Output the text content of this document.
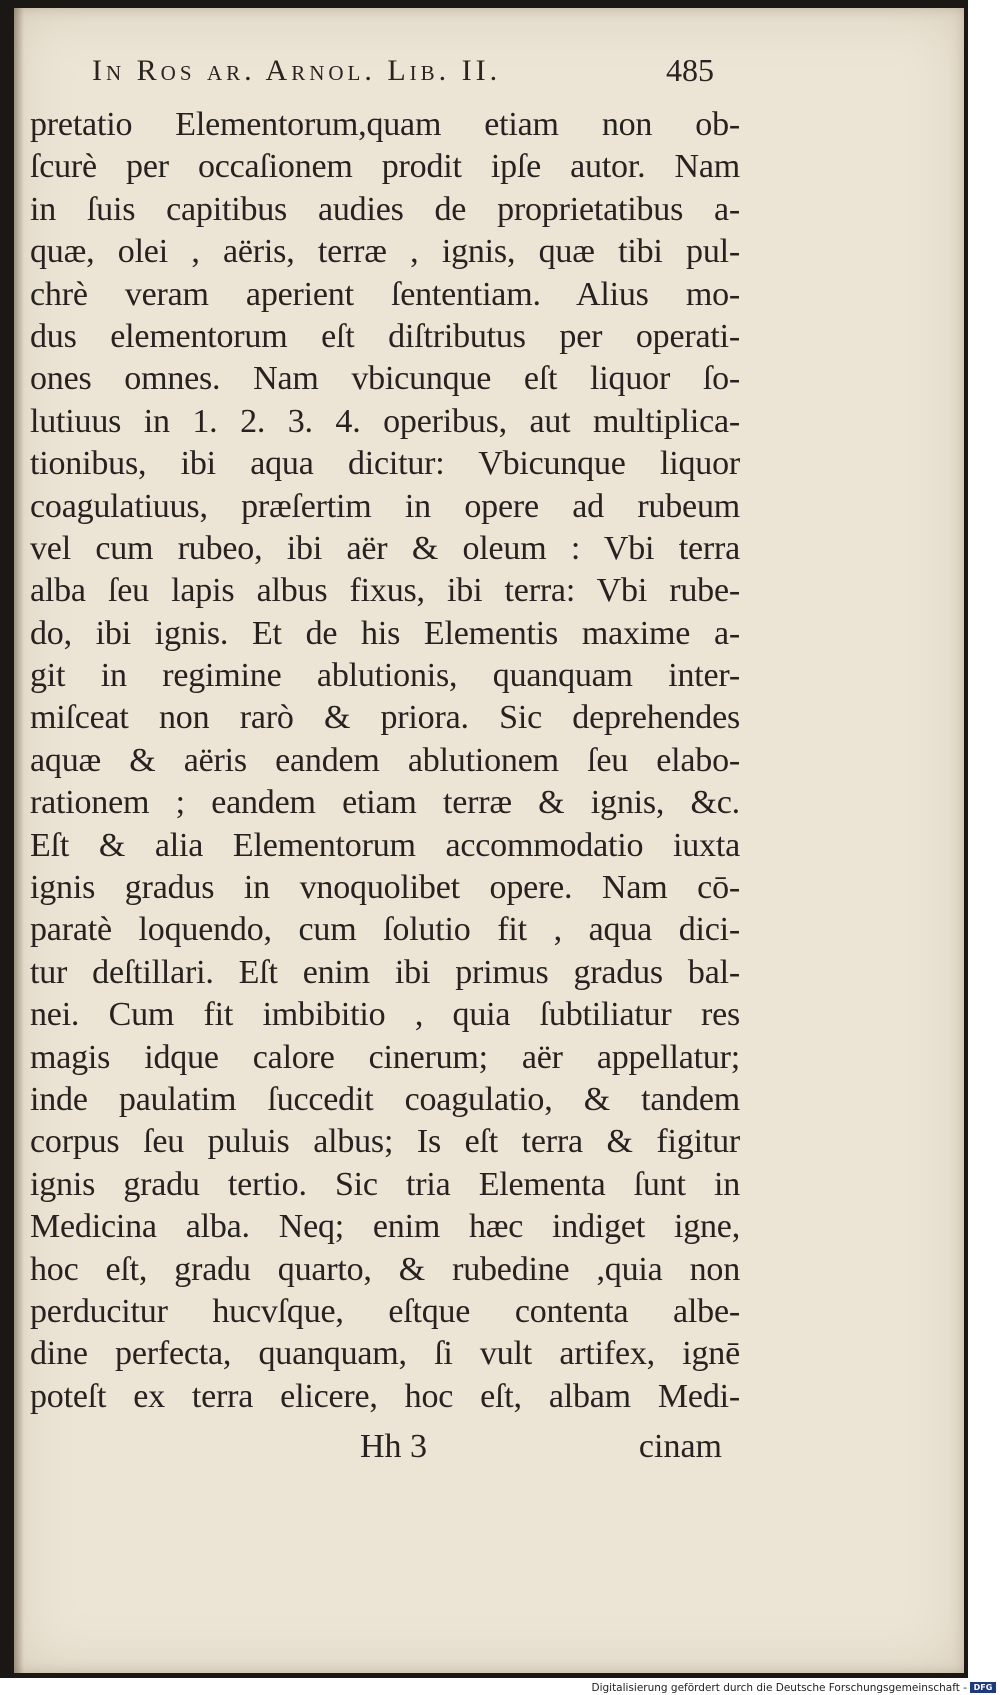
In Ros ar. Arnol. Lib. II.	485
pretatio Elementorum,quam etiam non ob-
ſcurè per occaſionem prodit ipſe autor. Nam
in ſuis capitibus audies de proprietatibus a-
quæ, olei , aëris, terræ , ignis, quæ tibi pul-
chrè veram aperient ſententiam. Alius mo-
dus elementorum eſt diſtributus per operati-
ones omnes. Nam vbicunque eſt liquor ſo-
lutiuus in 1. 2. 3. 4. operibus, aut multiplica-
tionibus, ibi aqua dicitur: Vbicunque liquor
coagulatiuus, præſertim in opere ad rubeum
vel cum rubeo, ibi aër & oleum : Vbi terra
alba ſeu lapis albus fixus, ibi terra: Vbi rube-
do, ibi ignis. Et de his Elementis maxime a-
git in regimine ablutionis, quanquam inter-
miſceat non rarò & priora. Sic deprehendes
aquæ & aëris eandem ablutionem ſeu elabo-
rationem ; eandem etiam terræ & ignis, &c.
Eſt & alia Elementorum accommodatio iuxta
ignis gradus in vnoquolibet opere. Nam cō-
paratè loquendo, cum ſolutio fit , aqua dici-
tur deſtillari. Eſt enim ibi primus gradus bal-
nei. Cum fit imbibitio , quia ſubtiliatur res
magis idque calore cinerum; aër appellatur;
inde paulatim ſuccedit coagulatio, & tandem
corpus ſeu puluis albus; Is eſt terra & figitur
ignis gradu tertio. Sic tria Elementa ſunt in
Medicina alba. Neq; enim hæc indiget igne,
hoc eſt, gradu quarto, & rubedine ,quia non
perducitur hucvſque, eſtque contenta albe-
dine perfecta, quanquam, ſi vult artifex, ignē
poteſt ex terra elicere, hoc eſt, albam Medi-
Hh 3	cinam
Digitalisierung gefördert durch die Deutsche Forschungsgemeinschaft - DFG
